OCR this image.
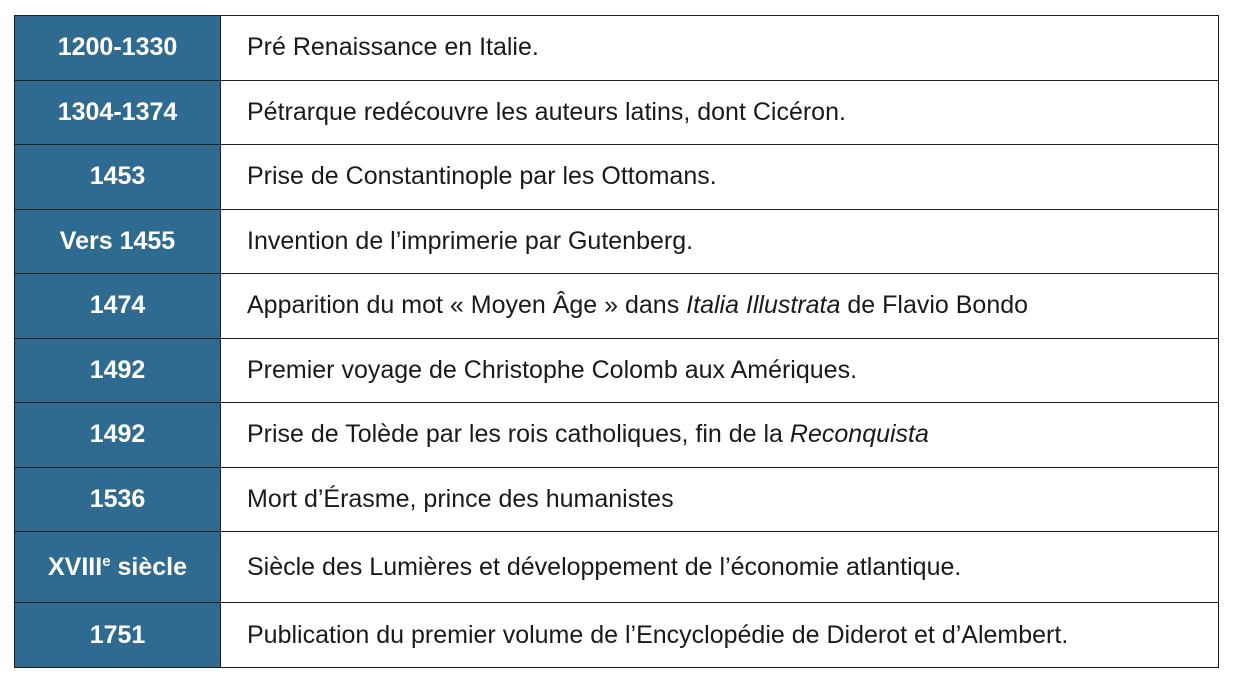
1200-1330	Pré Renaissance en Italie.
1304-1374	Pétrarque redécouvre les auteurs latins, dont Cicéron.
1453	Prise de Constantinople par les Ottomans.
Vers 1455	Invention de l’imprimerie par Gutenberg.
1474	Apparition du mot « Moyen Âge » dans Italia Illustrata de Flavio Bondo
1492	Premier voyage de Christophe Colomb aux Amériques.
1492	Prise de Tolède par les rois catholiques, fin de la Reconquista
1536	Mort d’Érasme, prince des humanistes
XVIIIe siècle	Siècle des Lumières et développement de l’économie atlantique.
1751	Publication du premier volume de l’Encyclopédie de Diderot et d’Alembert.
